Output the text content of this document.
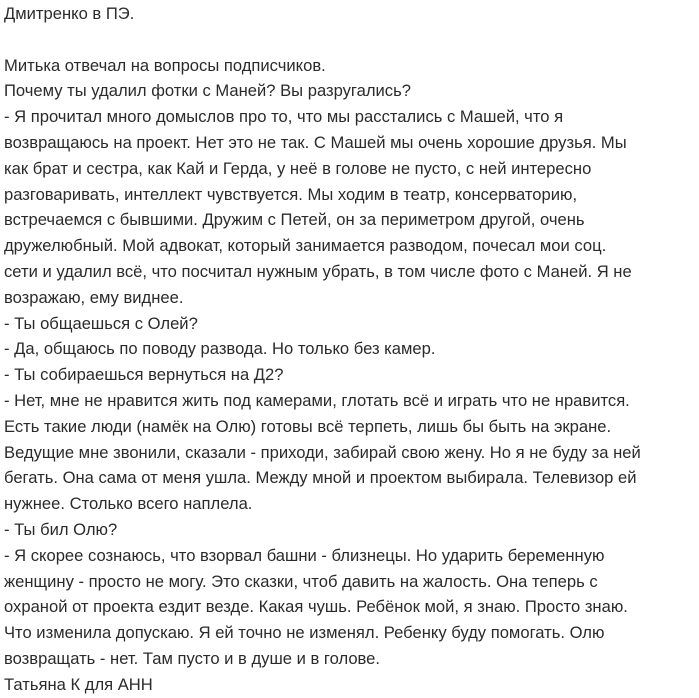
Дмитренко в ПЭ.
Митька отвечал на вопросы подписчиков.
Почему ты удалил фотки с Маней? Вы разругались?
- Я прочитал много домыслов про то, что мы расстались с Машей, что я
возвращаюсь на проект. Нет это не так. С Машей мы очень хорошие друзья. Мы
как брат и сестра, как Кай и Герда, у неё в голове не пусто, с ней интересно
разговаривать, интеллект чувствуется. Мы ходим в театр, консерваторию,
встречаемся с бывшими. Дружим с Петей, он за периметром другой, очень
дружелюбный. Мой адвокат, который занимается разводом, почесал мои соц.
сети и удалил всё, что посчитал нужным убрать, в том числе фото с Маней. Я не
возражаю, ему виднее.
- Ты общаешься с Олей?
- Да, общаюсь по поводу развода. Но только без камер.
- Ты собираешься вернуться на Д2?
- Нет, мне не нравится жить под камерами, глотать всё и играть что не нравится.
Есть такие люди (намёк на Олю) готовы всё терпеть, лишь бы быть на экране.
Ведущие мне звонили, сказали - приходи, забирай свою жену. Но я не буду за ней
бегать. Она сама от меня ушла. Между мной и проектом выбирала. Телевизор ей
нужнее. Столько всего наплела.
- Ты бил Олю?
- Я скорее сознаюсь, что взорвал башни - близнецы. Но ударить беременную
женщину - просто не могу. Это сказки, чтоб давить на жалость. Она теперь с
охраной от проекта ездит везде. Какая чушь. Ребёнок мой, я знаю. Просто знаю.
Что изменила допускаю. Я ей точно не изменял. Ребенку буду помогать. Олю
возвращать - нет. Там пусто и в душе и в голове.
Татьяна К для АНН
